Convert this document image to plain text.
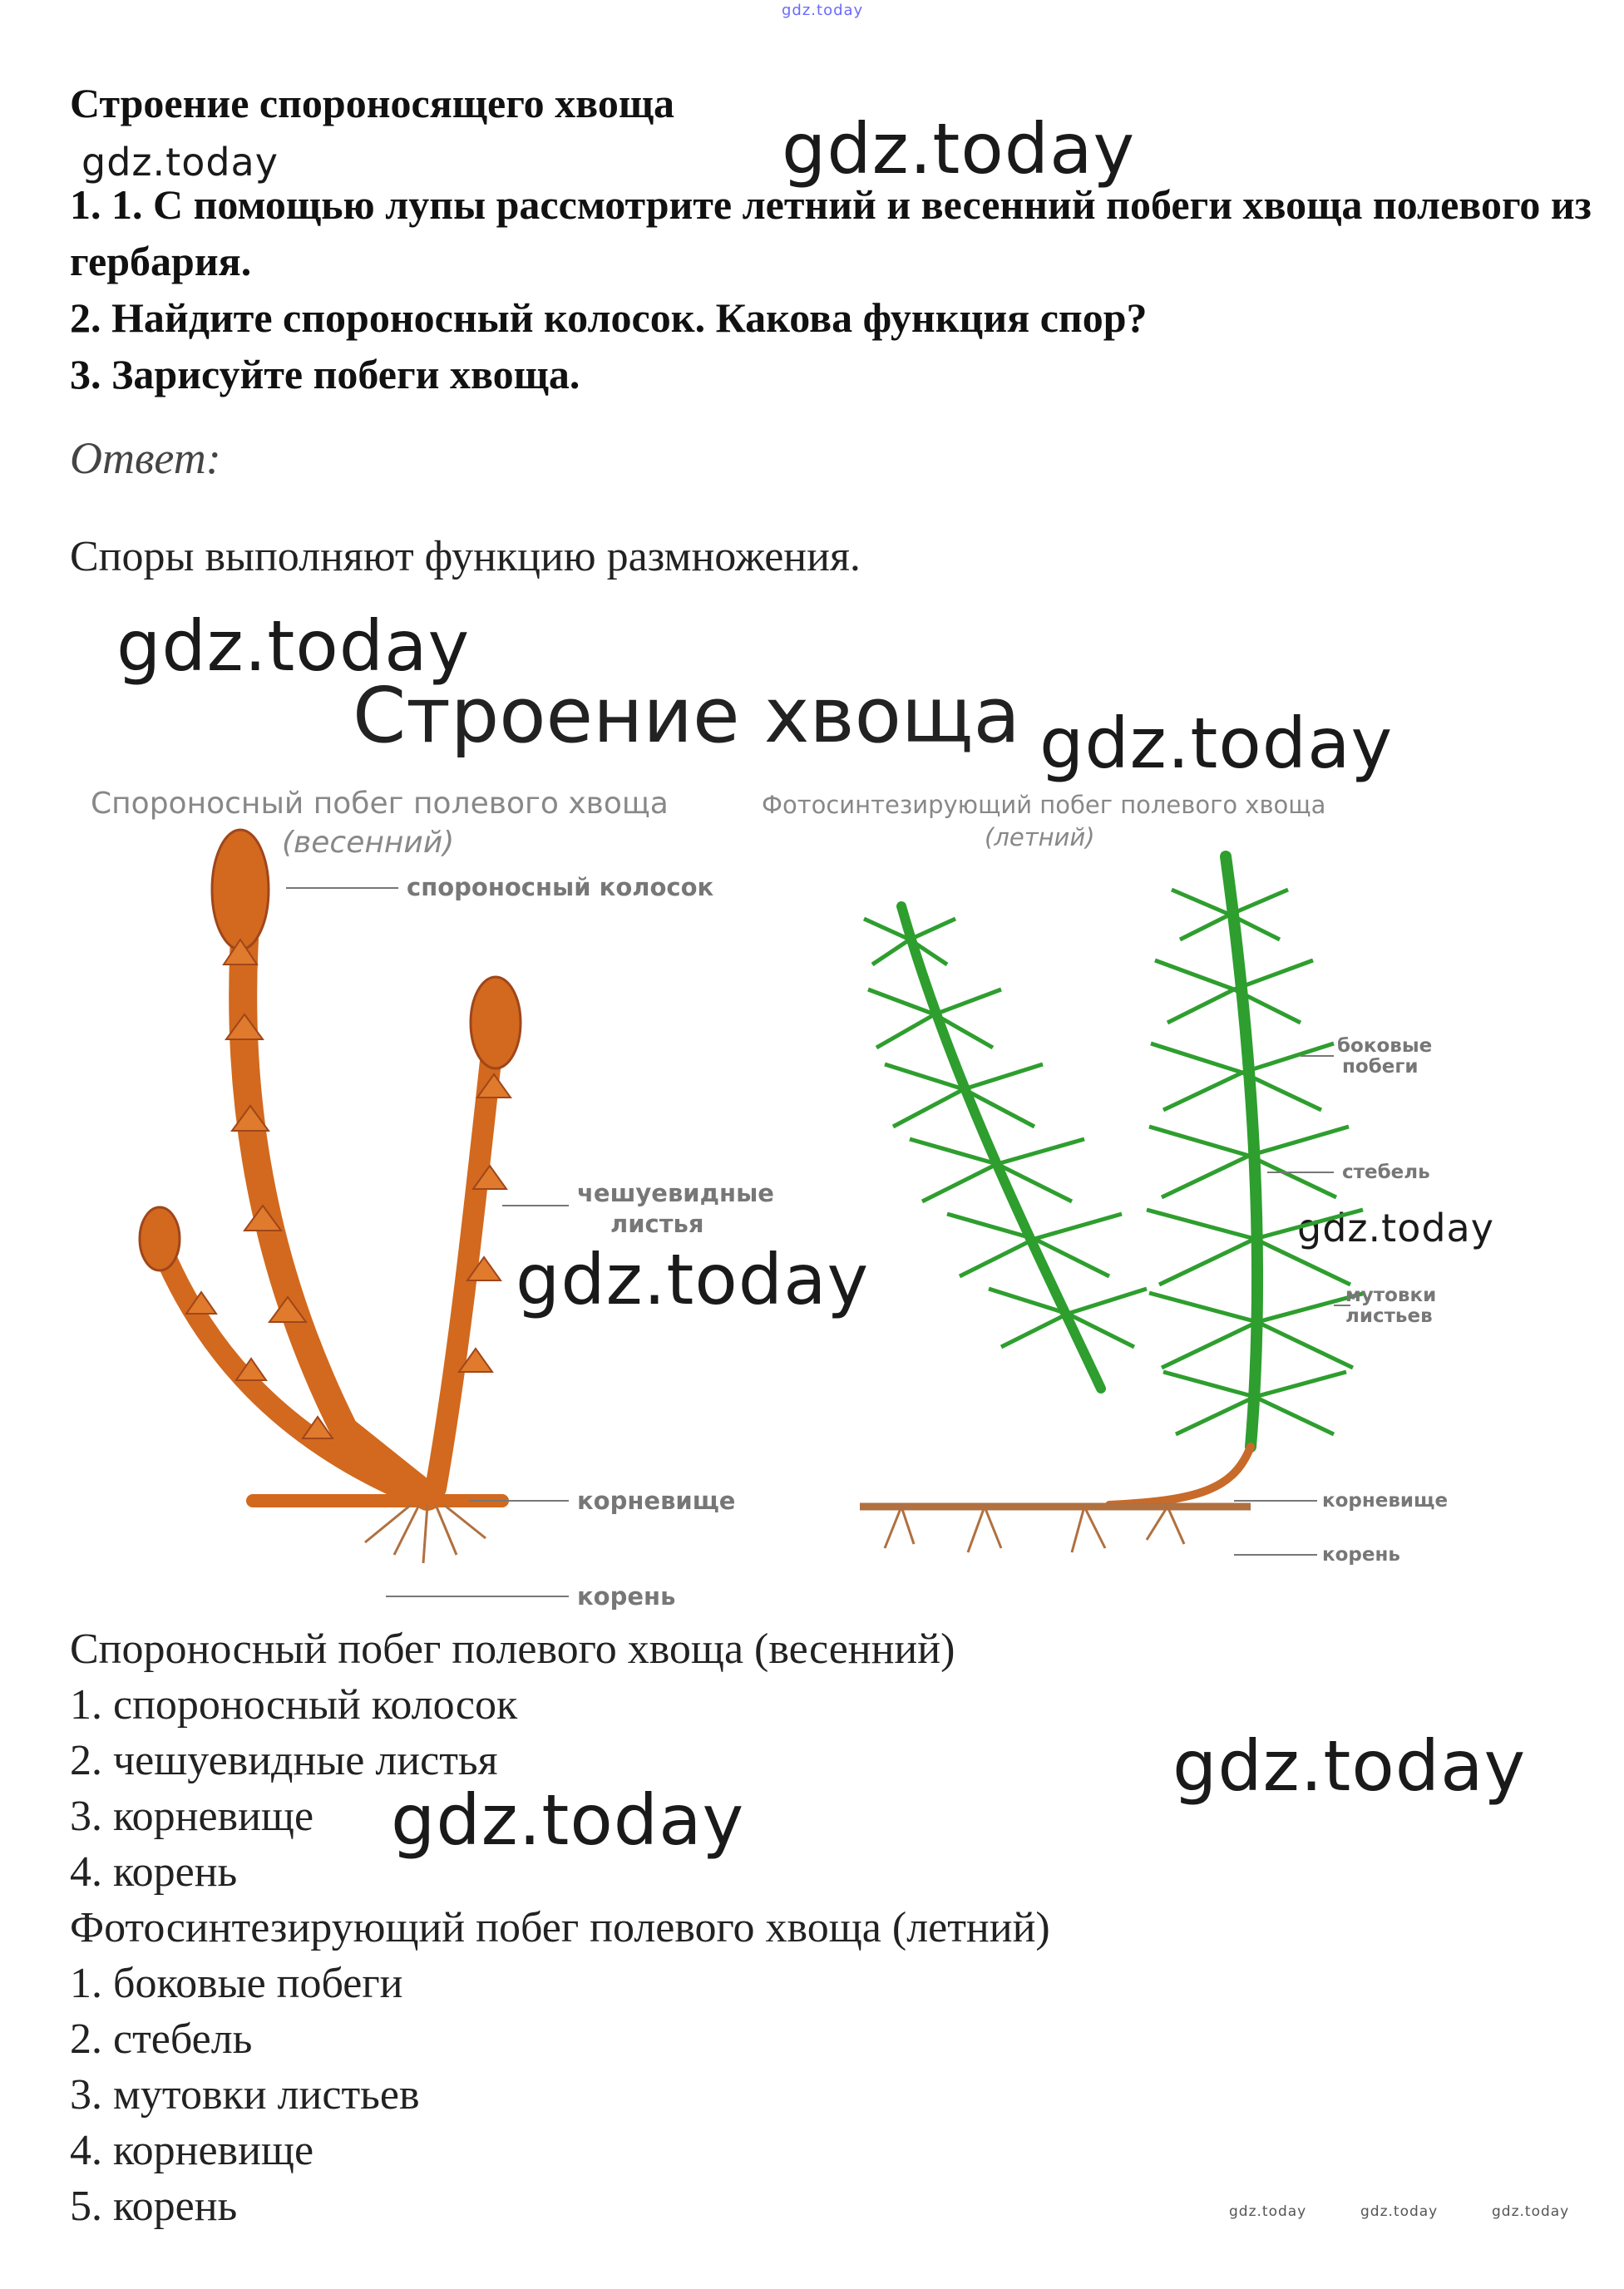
gdz.today
gdz.today
gdz.today
gdz.today
gdz.today
gdz.today
gdz.today
gdz.today
gdz.today
gdz.today	gdz.today	gdz.today
Строение спороносящего хвоща

1. 1. С помощью лупы рассмотрите летний и весенний побеги хвоща полевого из гербария.

2. Найдите спороносный колосок. Какова функция спор?

3. Зарисуйте побеги хвоща.

Ответ:
Споры выполняют функцию размножения.
Строение хвоща
Спороносный побег полевого хвоща
(весенний)
Фотосинтезирующий побег полевого хвоща
(летний)
спороносный колосок
чешуевидные
листья
корневище
корень
боковые
побеги
стебель
мутовки
листьев
корневище
корень
Спороносный побег полевого хвоща (весенний)
1. спороносный колосок
2. чешуевидные листья
3. корневище
4. корень
Фотосинтезирующий побег полевого хвоща (летний)
1. боковые побеги
2. стебель
3. мутовки листьев
4. корневище
5. корень
